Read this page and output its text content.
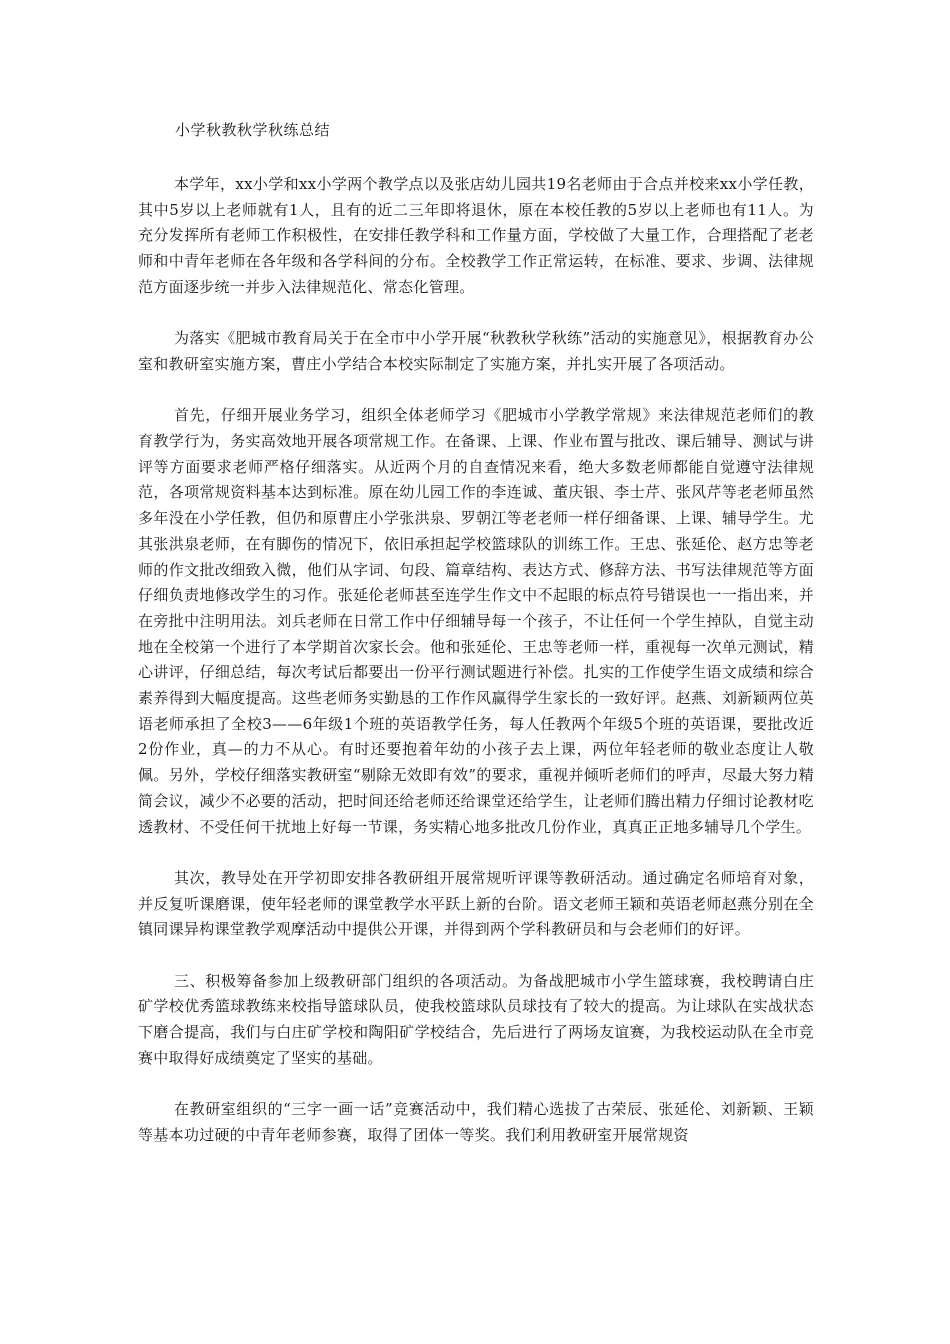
小学秋教秋学秋练总结

本学年，xx小学和xx小学两个教学点以及张店幼儿园共19名老师由于合点并校来xx小学任教，其中5岁以上老师就有1人，且有的近二三年即将退休，原在本校任教的5岁以上老师也有11人。为充分发挥所有老师工作积极性，在安排任教学科和工作量方面，学校做了大量工作，合理搭配了老老师和中青年老师在各年级和各学科间的分布。全校教学工作正常运转，在标准、要求、步调、法律规范方面逐步统一并步入法律规范化、常态化管理。

为落实《肥城市教育局关于在全市中小学开展“秋教秋学秋练”活动的实施意见》，根据教育办公室和教研室实施方案，曹庄小学结合本校实际制定了实施方案，并扎实开展了各项活动。

首先，仔细开展业务学习，组织全体老师学习《肥城市小学教学常规》来法律规范老师们的教育教学行为，务实高效地开展各项常规工作。在备课、上课、作业布置与批改、课后辅导、测试与讲评等方面要求老师严格仔细落实。从近两个月的自查情况来看，绝大多数老师都能自觉遵守法律规范，各项常规资料基本达到标准。原在幼儿园工作的李连诚、董庆银、李士芹、张风芹等老老师虽然多年没在小学任教，但仍和原曹庄小学张洪泉、罗朝江等老老师一样仔细备课、上课、辅导学生。尤其张洪泉老师，在有脚伤的情况下，依旧承担起学校篮球队的训练工作。王忠、张延伦、赵方忠等老师的作文批改细致入微，他们从字词、句段、篇章结构、表达方式、修辞方法、书写法律规范等方面仔细负责地修改学生的习作。张延伦老师甚至连学生作文中不起眼的标点符号错误也一一指出来，并在旁批中注明用法。刘兵老师在日常工作中仔细辅导每一个孩子，不让任何一个学生掉队，自觉主动地在全校第一个进行了本学期首次家长会。他和张延伦、王忠等老师一样，重视每一次单元测试，精心讲评，仔细总结，每次考试后都要出一份平行测试题进行补偿。扎实的工作使学生语文成绩和综合素养得到大幅度提高。这些老师务实勤恳的工作作风赢得学生家长的一致好评。赵燕、刘新颖两位英语老师承担了全校3——6年级1个班的英语教学任务，每人任教两个年级5个班的英语课，要批改近2份作业，真—的力不从心。有时还要抱着年幼的小孩子去上课，两位年轻老师的敬业态度让人敬佩。另外，学校仔细落实教研室“剔除无效即有效”的要求，重视并倾听老师们的呼声，尽最大努力精简会议，减少不必要的活动，把时间还给老师还给课堂还给学生，让老师们腾出精力仔细讨论教材吃透教材、不受任何干扰地上好每一节课，务实精心地多批改几份作业，真真正正地多辅导几个学生。

其次，教导处在开学初即安排各教研组开展常规听评课等教研活动。通过确定名师培育对象，并反复听课磨课，使年轻老师的课堂教学水平跃上新的台阶。语文老师王颖和英语老师赵燕分别在全镇同课异构课堂教学观摩活动中提供公开课，并得到两个学科教研员和与会老师们的好评。

三、积极筹备参加上级教研部门组织的各项活动。为备战肥城市小学生篮球赛，我校聘请白庄矿学校优秀篮球教练来校指导篮球队员，使我校篮球队员球技有了较大的提高。为让球队在实战状态下磨合提高，我们与白庄矿学校和陶阳矿学校结合，先后进行了两场友谊赛，为我校运动队在全市竞赛中取得好成绩奠定了坚实的基础。

在教研室组织的“三字一画一话”竞赛活动中，我们精心选拔了古荣辰、张延伦、刘新颖、王颖等基本功过硬的中青年老师参赛，取得了团体一等奖。我们利用教研室开展常规资
